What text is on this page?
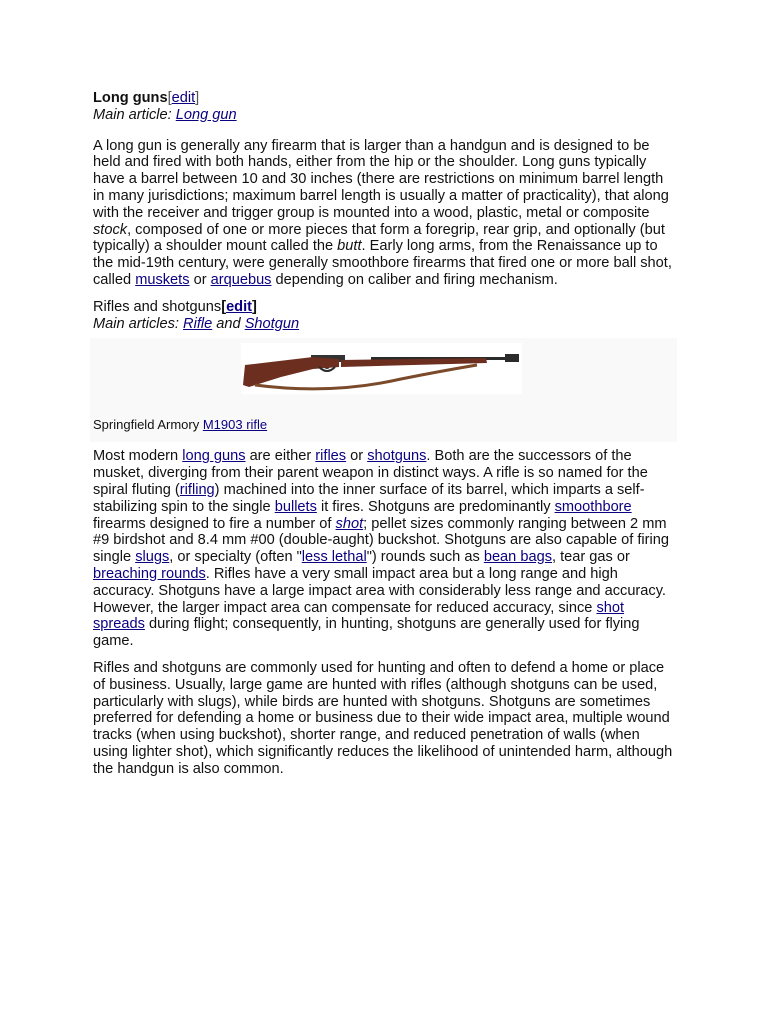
Long guns[edit]
Main article: Long gun

A long gun is generally any firearm that is larger than a handgun and is designed to be held and fired with both hands, either from the hip or the shoulder. Long guns typically have a barrel between 10 and 30 inches (there are restrictions on minimum barrel length in many jurisdictions; maximum barrel length is usually a matter of practicality), that along with the receiver and trigger group is mounted into a wood, plastic, metal or composite stock, composed of one or more pieces that form a foregrip, rear grip, and optionally (but typically) a shoulder mount called the butt. Early long arms, from the Renaissance up to the mid-19th century, were generally smoothbore firearms that fired one or more ball shot, called muskets or arquebus depending on caliber and firing mechanism.

Rifles and shotguns[edit]
Main articles: Rifle and Shotgun
Springfield Armory M1903 rifle

Most modern long guns are either rifles or shotguns. Both are the successors of the musket, diverging from their parent weapon in distinct ways. A rifle is so named for the spiral fluting (rifling) machined into the inner surface of its barrel, which imparts a self-stabilizing spin to the single bullets it fires. Shotguns are predominantly smoothbore firearms designed to fire a number of shot; pellet sizes commonly ranging between 2 mm #9 birdshot and 8.4 mm #00 (double-aught) buckshot. Shotguns are also capable of firing single slugs, or specialty (often "less lethal") rounds such as bean bags, tear gas or breaching rounds. Rifles have a very small impact area but a long range and high accuracy. Shotguns have a large impact area with considerably less range and accuracy. However, the larger impact area can compensate for reduced accuracy, since shot spreads during flight; consequently, in hunting, shotguns are generally used for flying game.

Rifles and shotguns are commonly used for hunting and often to defend a home or place of business. Usually, large game are hunted with rifles (although shotguns can be used, particularly with slugs), while birds are hunted with shotguns. Shotguns are sometimes preferred for defending a home or business due to their wide impact area, multiple wound tracks (when using buckshot), shorter range, and reduced penetration of walls (when using lighter shot), which significantly reduces the likelihood of unintended harm, although the handgun is also common.
